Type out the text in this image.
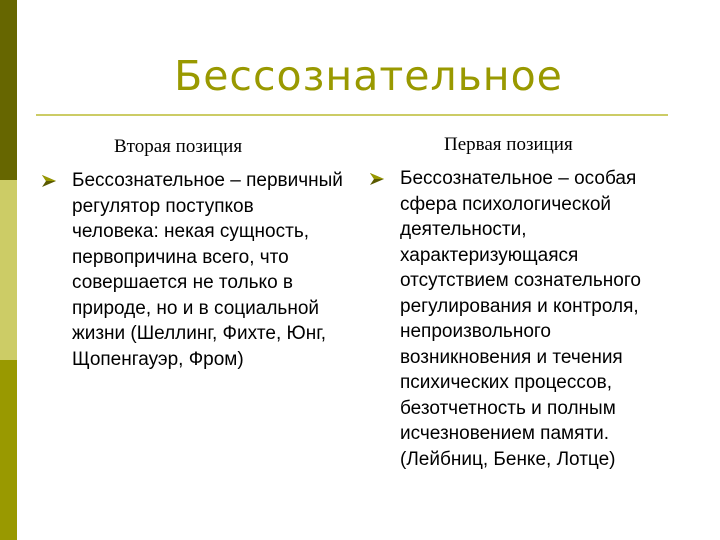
Бессознательное
Вторая позиция
Бессознательное – первичный регулятор поступков человека: некая сущность, первопричина всего, что совершается не только в природе, но и в социальной жизни (Шеллинг, Фихте, Юнг, Щопенгауэр, Фром)
Первая позиция
Бессознательное – особая сфера психологической деятельности, характеризующаяся отсутствием сознательного регулирования и контроля, непроизвольного возникновения и течения психических процессов, безотчетность и полным исчезновением памяти. (Лейбниц, Бенке, Лотце)
